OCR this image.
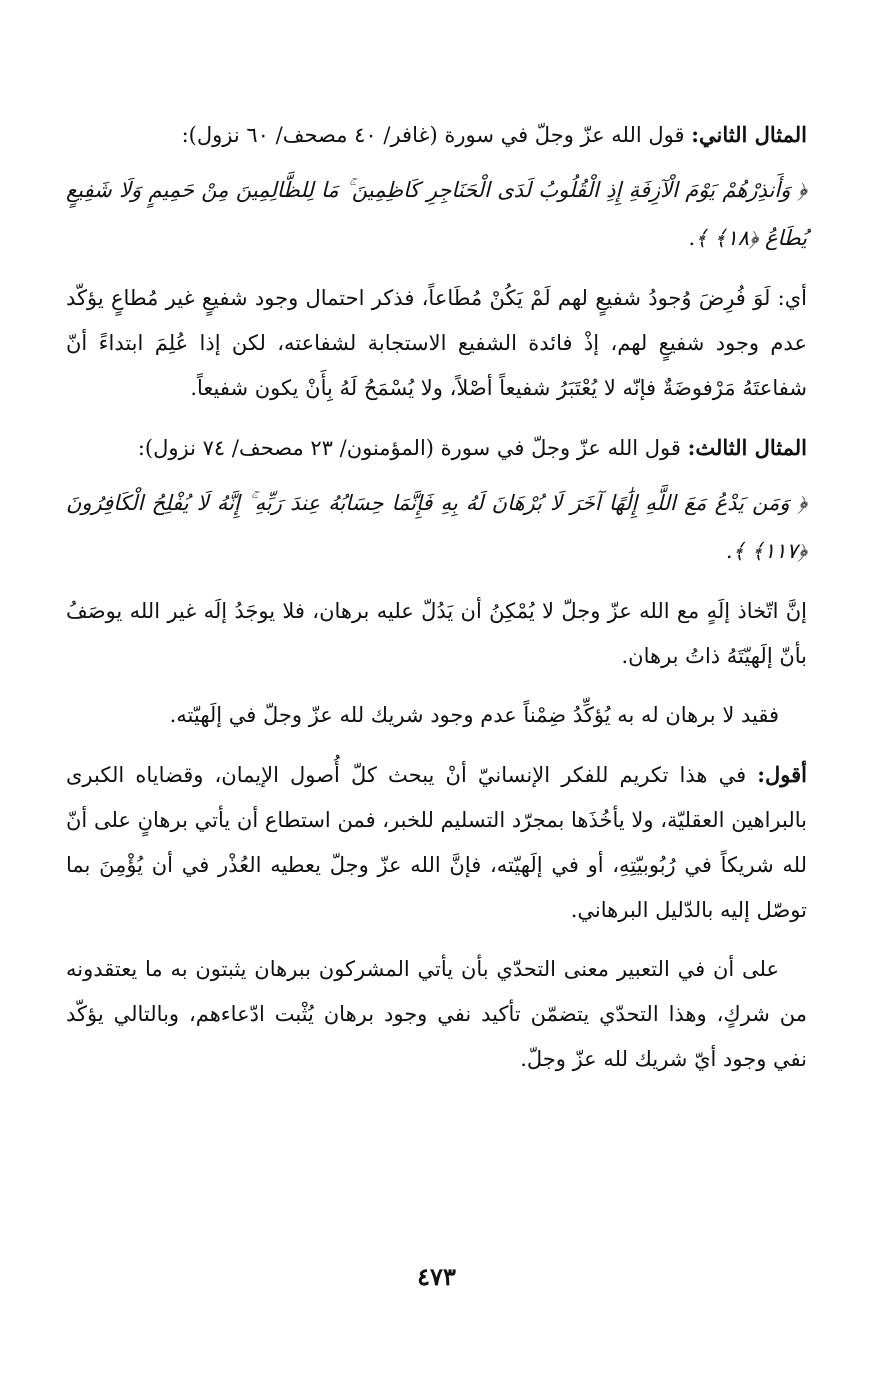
المثال الثاني: قول الله عزّ وجلّ في سورة (غافر/ ٤٠ مصحف/ ٦٠ نزول):

﴿ وَأَنذِرْهُمْ يَوْمَ الْآزِفَةِ إِذِ الْقُلُوبُ لَدَى الْحَنَاجِرِ كَاظِمِينَ ۚ مَا لِلظَّالِمِينَ مِنْ حَمِيمٍ وَلَا شَفِيعٍ يُطَاعُ ﴿١٨﴾ ﴾.

أي: لَوَ فُرِضَ وُجودُ شفيعٍ لهم لَمْ يَكُنْ مُطَاعاً، فذكر احتمال وجود شفيعٍ غير مُطاعٍ يؤكّد عدم وجود شفيعٍ لهم، إذْ فائدة الشفيع الاستجابة لشفاعته، لكن إذا عُلِمَ ابتداءً أنّ شفاعتَهُ مَرْفوضَةٌ فإنّه لا يُعْتَبَرُ شفيعاً أصْلاً، ولا يُسْمَحُ لَهُ بِأَنْ يكون شفيعاً.

المثال الثالث: قول الله عزّ وجلّ في سورة (المؤمنون/ ٢٣ مصحف/ ٧٤ نزول):

﴿ وَمَن يَدْعُ مَعَ اللَّهِ إِلَٰهًا آخَرَ لَا بُرْهَانَ لَهُ بِهِ فَإِنَّمَا حِسَابُهُ عِندَ رَبِّهِ ۚ إِنَّهُ لَا يُفْلِحُ الْكَافِرُونَ ﴿١١٧﴾ ﴾.

إنَّ اتّخاذ إلَهٍ مع الله عزّ وجلّ لا يُمْكِنُ أن يَدُلّ عليه برهان، فلا يوجَدُ إلَه غير الله يوصَفُ بأنّ إلَهيّتَهُ ذاتُ برهان.

فقيد لا برهان له به يُؤكِّدُ ضِمْناً عدم وجود شريك لله عزّ وجلّ في إلَهيّته.

أقول: في هذا تكريم للفكر الإنسانيّ أنْ يبحث كلّ أُصول الإيمان، وقضاياه الكبرى بالبراهين العقليّة، ولا يأخُذَها بمجرّد التسليم للخبر، فمن استطاع أن يأتي برهانٍ على أنّ لله شريكاً في رُبُوبيّتِهِ، أو في إلَهيّته، فإنَّ الله عزّ وجلّ يعطيه العُذْر في أن يُؤْمِنَ بما توصّل إليه بالدّليل البرهاني.

على أن في التعبير معنى التحدّي بأن يأتي المشركون ببرهان يثبتون به ما يعتقدونه من شركٍ، وهذا التحدّي يتضمّن تأكيد نفي وجود برهان يُثْبت ادّعاءهم، وبالتالي يؤكّد نفي وجود أيّ شريك لله عزّ وجلّ.

٤٧٣
